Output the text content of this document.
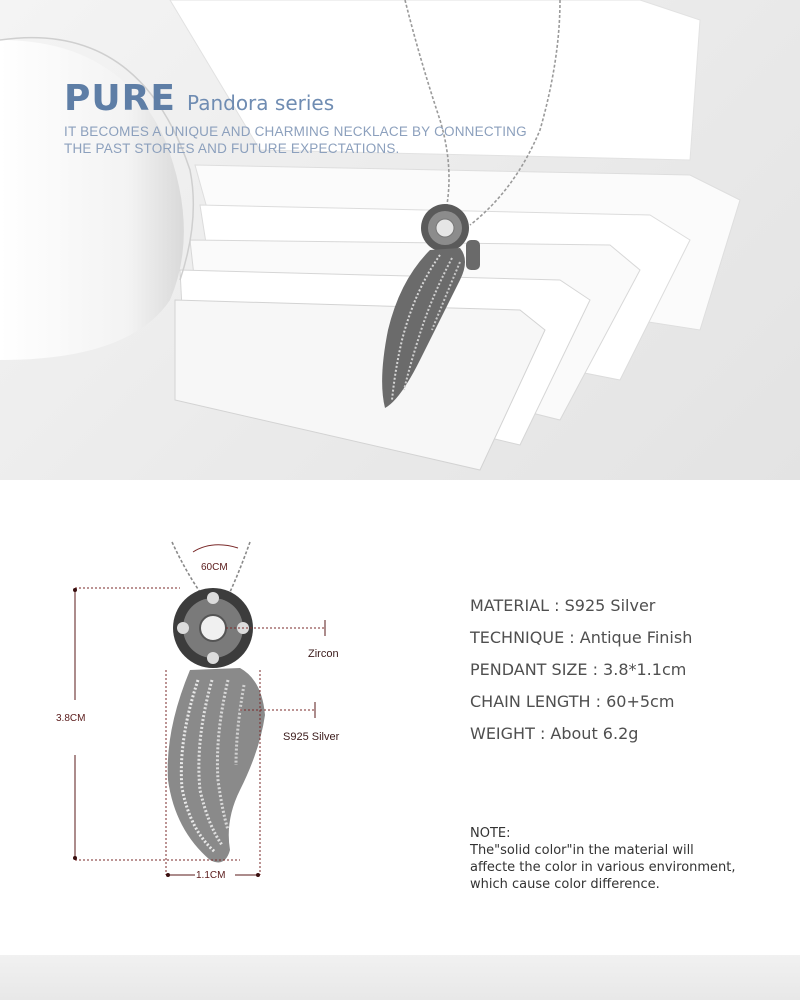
PURE Pandora series
IT BECOMES A UNIQUE AND CHARMING NECKLACE BY CONNECTING
THE PAST STORIES AND FUTURE EXPECTATIONS.
60CM
Zircon
S925 Silver
3.8CM
1.1CM
MATERIAL : S925 Silver
TECHNIQUE : Antique Finish
PENDANT SIZE : 3.8*1.1cm
CHAIN LENGTH : 60+5cm
WEIGHT : About 6.2g
NOTE:
The"solid color"in the material will
affecte the color in various environment,
which cause color difference.
